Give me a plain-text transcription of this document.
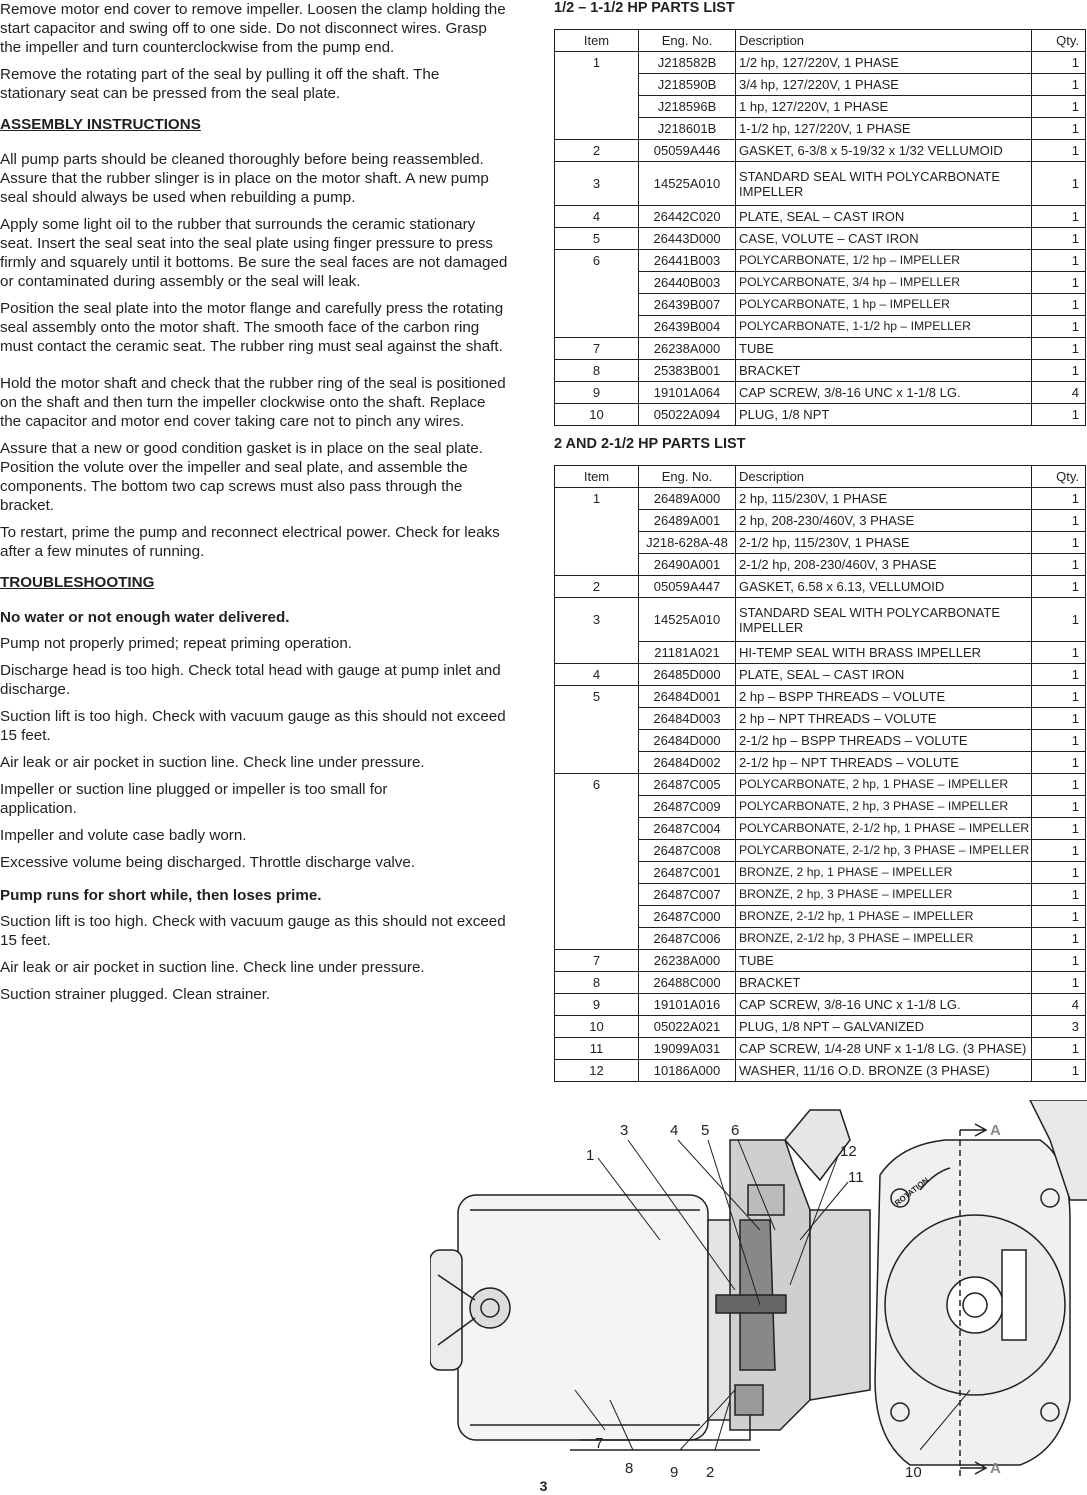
Remove motor end cover to remove impeller. Loosen the clamp holding the start capacitor and swing off to one side. Do not disconnect wires. Grasp the impeller and turn counterclockwise from the pump end.

Remove the rotating part of the seal by pulling it off the shaft. The stationary seat can be pressed from the seal plate.

ASSEMBLY INSTRUCTIONS

All pump parts should be cleaned thoroughly before being reassembled. Assure that the rubber slinger is in place on the motor shaft. A new pump seal should always be used when rebuilding a pump.

Apply some light oil to the rubber that surrounds the ceramic stationary seat. Insert the seal seat into the seal plate using finger pressure to press firmly and squarely until it bottoms. Be sure the seal faces are not damaged or contaminated during assembly or the seal will leak.

Position the seal plate into the motor flange and carefully press the rotating seal assembly onto the motor shaft. The smooth face of the carbon ring must contact the ceramic seat. The rubber ring must seal against the shaft.

Hold the motor shaft and check that the rubber ring of the seal is positioned on the shaft and then turn the impeller clockwise onto the shaft. Replace the capacitor and motor end cover taking care not to pinch any wires.

Assure that a new or good condition gasket is in place on the seal plate. Position the volute over the impeller and seal plate, and assemble the components. The bottom two cap screws must also pass through the bracket.

To restart, prime the pump and reconnect electrical power. Check for leaks after a few minutes of running.

TROUBLESHOOTING
No water or not enough water delivered.

Pump not properly primed; repeat priming operation.

Discharge head is too high. Check total head with gauge at pump inlet and discharge.

Suction lift is too high. Check with vacuum gauge as this should not exceed 15 feet.

Air leak or air pocket in suction line. Check line under pressure.

Impeller or suction line plugged or impeller is too small for application.

Impeller and volute case badly worn.

Excessive volume being discharged. Throttle discharge valve.

Pump runs for short while, then loses prime.

Suction lift is too high. Check with vacuum gauge as this should not exceed 15 feet.

Air leak or air pocket in suction line. Check line under pressure.

Suction strainer plugged. Clean strainer.

1/2 – 1-1/2 HP PARTS LIST
Item	Eng. No.	Description	Qty.
1	J218582B	1/2 hp, 127/220V, 1 PHASE	1
	J218590B	3/4 hp, 127/220V, 1 PHASE	1
	J218596B	1 hp, 127/220V, 1 PHASE	1
	J218601B	1-1/2 hp, 127/220V, 1 PHASE	1
2	05059A446	GASKET, 6-3/8 x 5-19/32 x 1/32 VELLUMOID	1
3	14525A010	STANDARD SEAL WITH POLYCARBONATE IMPELLER	1
4	26442C020	PLATE, SEAL – CAST IRON	1
5	26443D000	CASE, VOLUTE – CAST IRON	1
6	26441B003	POLYCARBONATE, 1/2 hp – IMPELLER	1
	26440B003	POLYCARBONATE, 3/4 hp – IMPELLER	1
	26439B007	POLYCARBONATE, 1 hp – IMPELLER	1
	26439B004	POLYCARBONATE, 1-1/2 hp – IMPELLER	1
7	26238A000	TUBE	1
8	25383B001	BRACKET	1
9	19101A064	CAP SCREW, 3/8-16 UNC x 1-1/8 LG.	4
10	05022A094	PLUG, 1/8 NPT	1
2 AND 2-1/2 HP PARTS LIST
Item	Eng. No.	Description	Qty.
1	26489A000	2 hp, 115/230V, 1 PHASE	1
	26489A001	2 hp, 208-230/460V, 3 PHASE	1
	J218-628A-48	2-1/2 hp, 115/230V, 1 PHASE	1
	26490A001	2-1/2 hp, 208-230/460V, 3 PHASE	1
2	05059A447	GASKET, 6.58 x 6.13, VELLUMOID	1
3	14525A010	STANDARD SEAL WITH POLYCARBONATE IMPELLER	1
	21181A021	HI-TEMP SEAL WITH BRASS IMPELLER	1
4	26485D000	PLATE, SEAL – CAST IRON	1
5	26484D001	2 hp – BSPP THREADS – VOLUTE	1
	26484D003	2 hp – NPT THREADS – VOLUTE	1
	26484D000	2-1/2 hp – BSPP THREADS – VOLUTE	1
	26484D002	2-1/2 hp – NPT THREADS – VOLUTE	1
6	26487C005	POLYCARBONATE, 2 hp, 1 PHASE – IMPELLER	1
	26487C009	POLYCARBONATE, 2 hp, 3 PHASE – IMPELLER	1
	26487C004	POLYCARBONATE, 2-1/2 hp, 1 PHASE – IMPELLER	1
	26487C008	POLYCARBONATE, 2-1/2 hp, 3 PHASE – IMPELLER	1
	26487C001	BRONZE, 2 hp, 1 PHASE – IMPELLER	1
	26487C007	BRONZE, 2 hp, 3 PHASE – IMPELLER	1
	26487C000	BRONZE, 2-1/2 hp, 1 PHASE – IMPELLER	1
	26487C006	BRONZE, 2-1/2 hp, 3 PHASE – IMPELLER	1
7	26238A000	TUBE	1
8	26488C000	BRACKET	1
9	19101A016	CAP SCREW, 3/8-16 UNC x 1-1/8 LG.	4
10	05022A021	PLUG, 1/8 NPT – GALVANIZED	3
11	19099A031	CAP SCREW, 1/4-28 UNF x 1-1/8 LG. (3 PHASE)	1
12	10186A000	WASHER, 11/16 O.D. BRONZE (3 PHASE)	1
A
A
ROTATION
1
3	4 5 6
12
11
7
8 9 2	10
3
